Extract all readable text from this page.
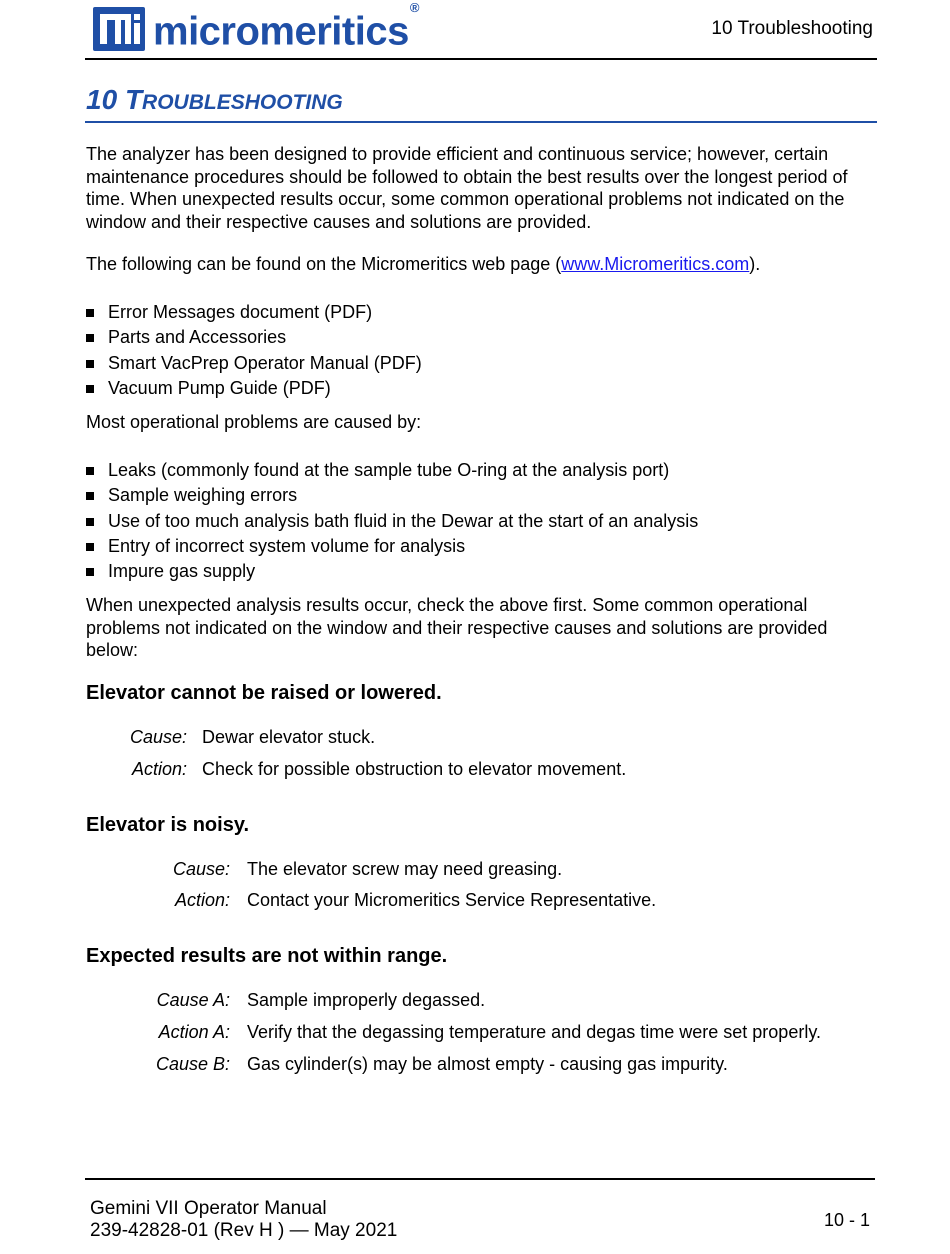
micromeritics®
10 Troubleshooting
10 TROUBLESHOOTING

The analyzer has been designed to provide efficient and continuous service; however, certain maintenance procedures should be followed to obtain the best results over the longest period of time. When unexpected results occur, some common operational problems not indicated on the window and their respective causes and solutions are provided.

The following can be found on the Micromeritics web page (www.Micromeritics.com).

Error Messages document (PDF)
Parts and Accessories
Smart VacPrep Operator Manual (PDF)
Vacuum Pump Guide (PDF)

Most operational problems are caused by:

Leaks (commonly found at the sample tube O-ring at the analysis port)
Sample weighing errors
Use of too much analysis bath fluid in the Dewar at the start of an analysis
Entry of incorrect system volume for analysis
Impure gas supply

When unexpected analysis results occur, check the above first. Some common operational problems not indicated on the window and their respective causes and solutions are provided below:

Elevator cannot be raised or lowered.
Cause: Dewar elevator stuck.
Action: Check for possible obstruction to elevator movement.
Elevator is noisy.
Cause: The elevator screw may need greasing.
Action: Contact your Micromeritics Service Representative.
Expected results are not within range.
Cause A: Sample improperly degassed.
Action A: Verify that the degassing temperature and degas time were set properly.
Cause B: Gas cylinder(s) may be almost empty - causing gas impurity.
Gemini VII Operator Manual
239-42828-01 (Rev H ) — May 2021	10 - 1
